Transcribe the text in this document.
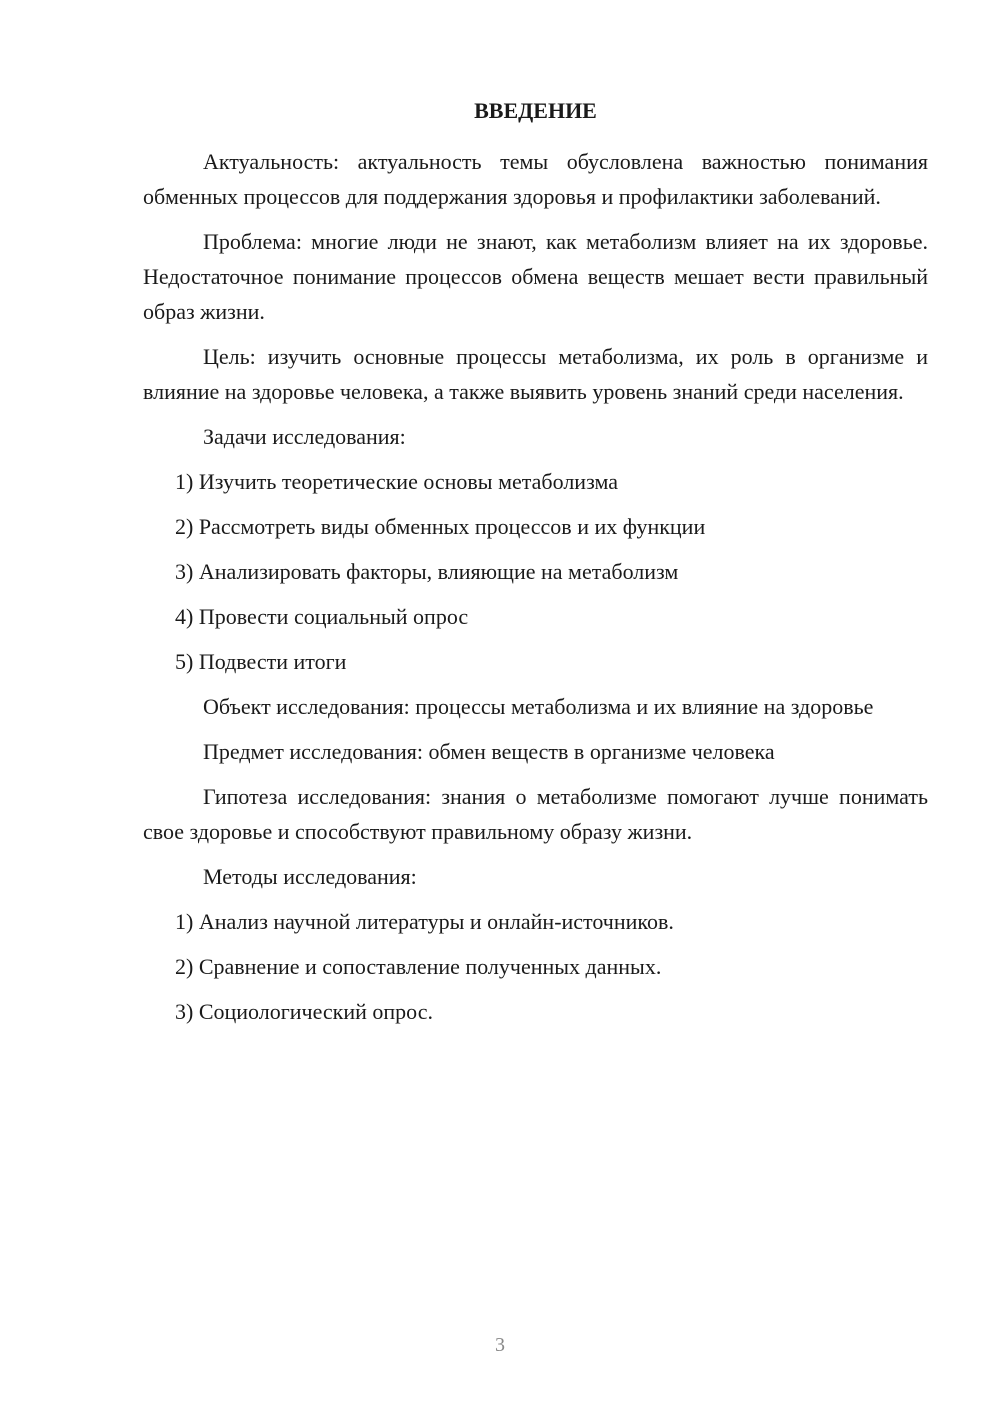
ВВЕДЕНИЕ

Актуальность: актуальность темы обусловлена важностью понимания обменных процессов для поддержания здоровья и профилактики заболеваний.

Проблема: многие люди не знают, как метаболизм влияет на их здоровье. Недостаточное понимание процессов обмена веществ мешает вести правильный образ жизни.

Цель: изучить основные процессы метаболизма, их роль в организме и влияние на здоровье человека, а также выявить уровень знаний среди населения.

Задачи исследования:
1) Изучить теоретические основы метаболизма
2) Рассмотреть виды обменных процессов и их функции
3) Анализировать факторы, влияющие на метаболизм
4) Провести социальный опрос
5) Подвести итоги

Объект исследования: процессы метаболизма и их влияние на здоровье

Предмет исследования: обмен веществ в организме человека

Гипотеза исследования: знания о метаболизме помогают лучше понимать свое здоровье и способствуют правильному образу жизни.

Методы исследования:
1) Анализ научной литературы и онлайн-источников.
2) Сравнение и сопоставление полученных данных.
3) Социологический опрос.
3
